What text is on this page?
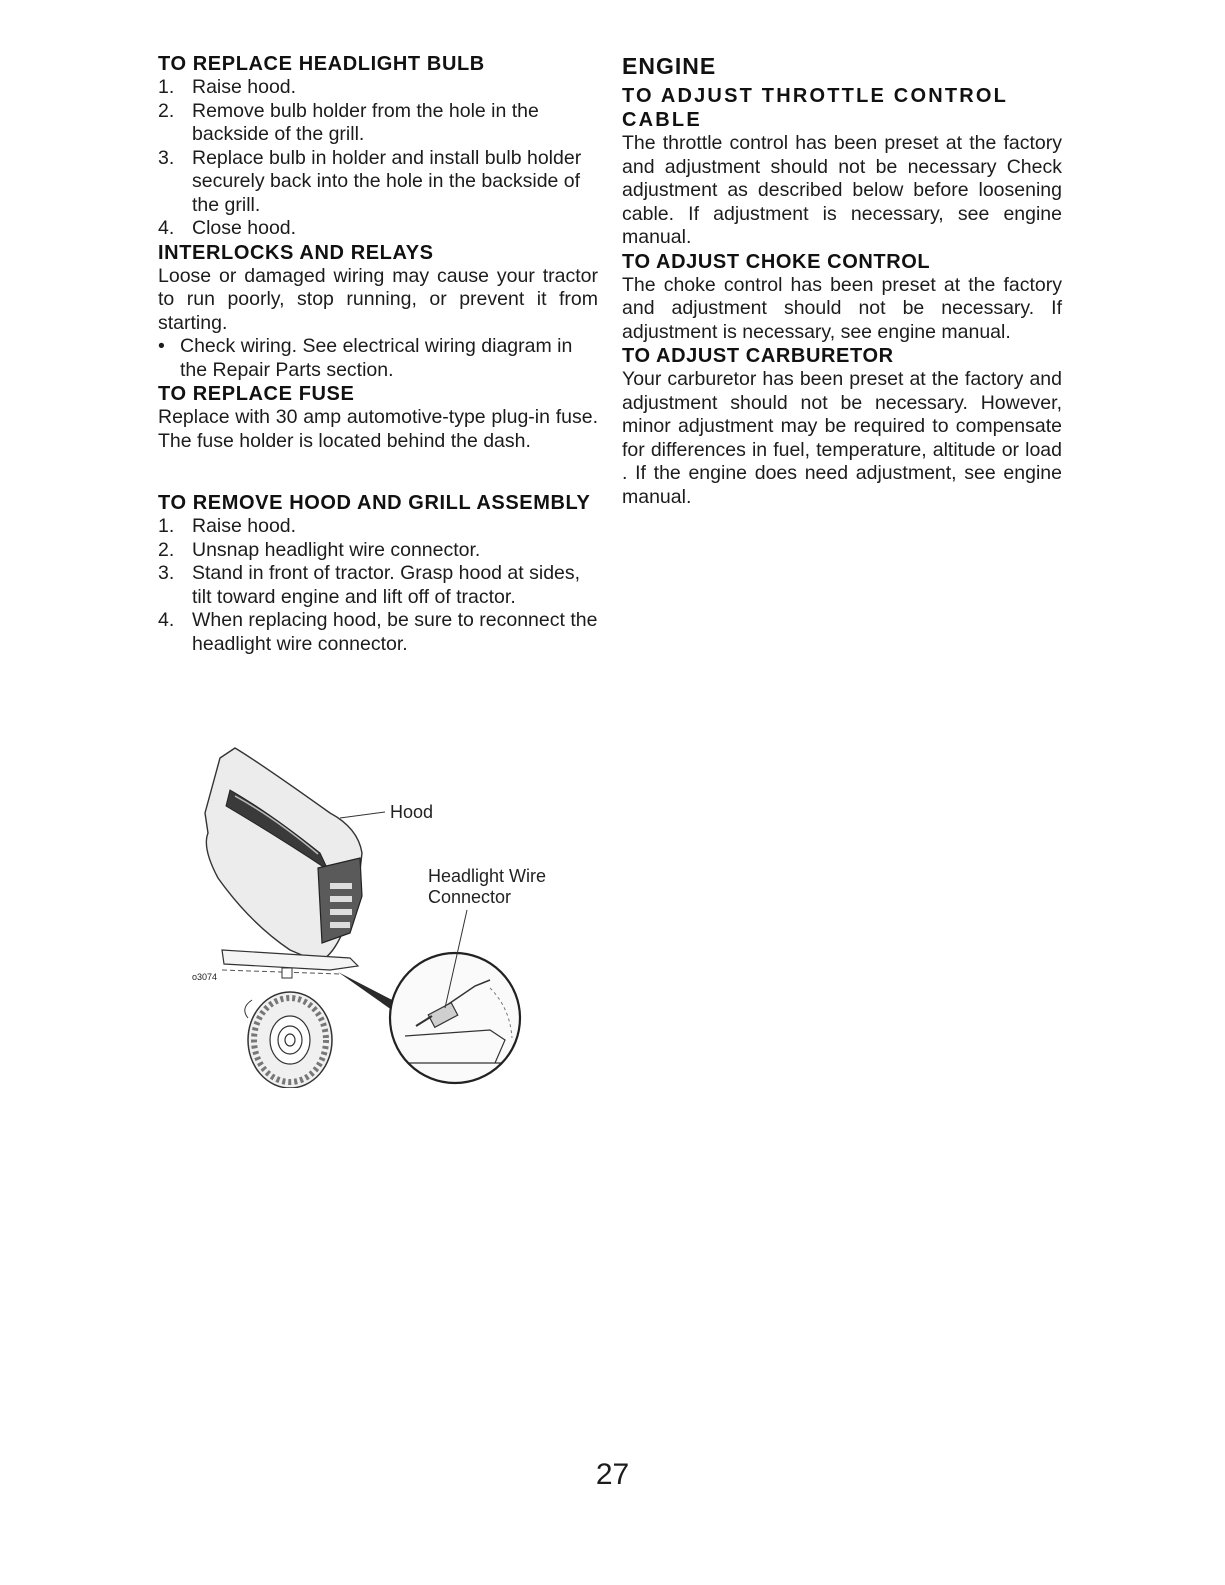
TO REPLACE HEADLIGHT BULB
1. Raise hood.
2. Remove bulb holder from the hole in the backside of the grill.
3. Replace bulb in holder and install bulb holder securely back into the hole in the backside of the grill.
4. Close hood.
INTERLOCKS AND RELAYS

Loose or damaged wiring may cause your tractor to run poorly, stop running, or prevent it from starting.

• Check wiring. See electrical wiring diagram in the Repair Parts section.
TO REPLACE FUSE

Replace with 30 amp automotive-type plug-in fuse. The fuse holder is located behind the dash.

TO REMOVE HOOD AND GRILL ASSEMBLY
1. Raise hood.
2. Unsnap headlight wire connector.
3. Stand in front of tractor. Grasp hood at sides, tilt toward engine and lift off of tractor.
4. When replacing hood, be sure to reconnect the headlight wire connector.
Hood
Headlight Wire
Connector
o3074
ENGINE
TO ADJUST THROTTLE CONTROL CABLE

The throttle control has been preset at the factory and adjustment should not be necessary Check adjustment as described below before loosening cable. If adjustment is necessary, see engine manual.

TO ADJUST CHOKE CONTROL

The choke control has been preset at the factory and adjustment should not be necessary. If adjustment is necessary, see engine manual.

TO ADJUST CARBURETOR

Your carburetor has been preset at the factory and adjustment should not be necessary. However, minor adjustment may be required to compensate for differences in fuel, temperature, altitude or load . If the engine does need adjustment, see engine manual.

27
